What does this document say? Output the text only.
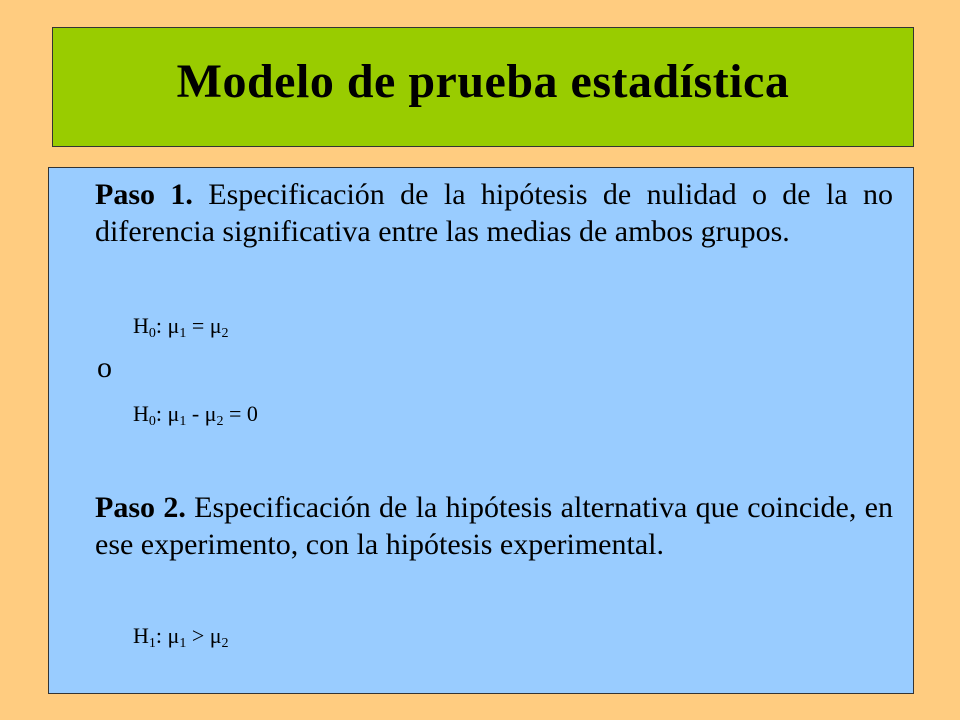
Modelo de prueba estadística

Paso 1. Especificación de la hipótesis de nulidad o de la no diferencia significativa entre las medias de ambos grupos.

$H_0$: $\mu_1 = \mu_2$
o
$H_0$: $\mu_1 - \mu_2 = 0$

Paso 2. Especificación de la hipótesis alternativa que coincide, en ese experimento, con la hipótesis experimental.

$H_1$: $\mu_1 > \mu_2$
